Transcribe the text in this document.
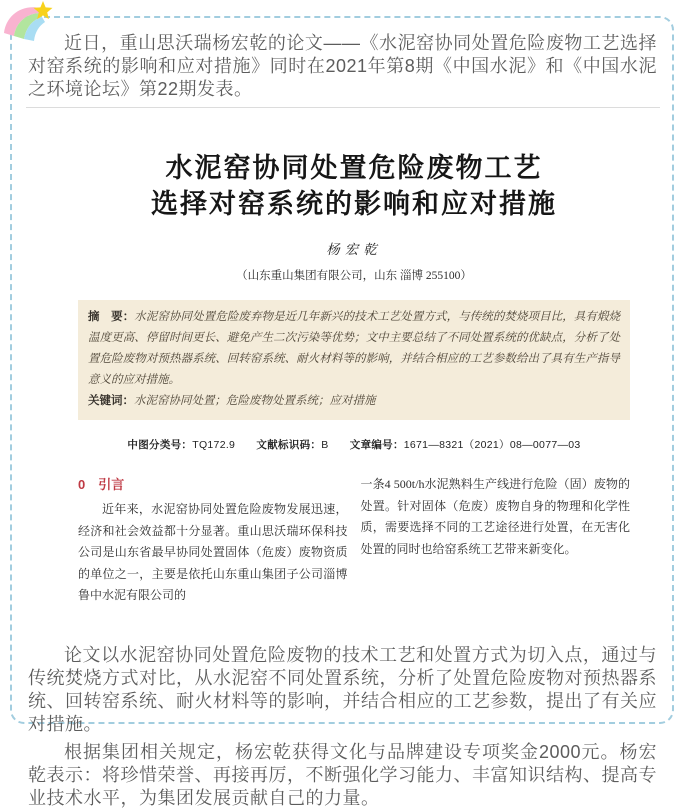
近日，重山思沃瑞杨宏乾的论文——《水泥窑协同处置危险废物工艺选择对窑系统的影响和应对措施》同时在2021年第8期《中国水泥》和《中国水泥之环境论坛》第22期发表。

水泥窑协同处置危险废物工艺
选择对窑系统的影响和应对措施
杨宏乾
（山东重山集团有限公司，山东 淄博 255100）

摘　要：水泥窑协同处置危险废弃物是近几年新兴的技术工艺处置方式，与传统的焚烧项目比，具有煅烧温度更高、停留时间更长、避免产生二次污染等优势；文中主要总结了不同处置系统的优缺点，分析了处置危险废物对预热器系统、回转窑系统、耐火材料等的影响，并结合相应的工艺参数给出了具有生产指导意义的应对措施。

关键词：水泥窑协同处置；危险废物处置系统；应对措施

中图分类号：TQ172.9 文献标识码：B 文章编号：1671—8321（2021）08—0077—03

0　引言

近年来，水泥窑协同处置危险废物发展迅速，经济和社会效益都十分显著。重山思沃瑞环保科技公司是山东省最早协同处置固体（危废）废物资质的单位之一，主要是依托山东重山集团子公司淄博鲁中水泥有限公司的

一条4 500t/h水泥熟料生产线进行危险（固）废物的处置。针对固体（危废）废物自身的物理和化学性质，需要选择不同的工艺途径进行处置，在无害化处置的同时也给窑系统工艺带来新变化。

论文以水泥窑协同处置危险废物的技术工艺和处置方式为切入点，通过与传统焚烧方式对比，从水泥窑不同处置系统，分析了处置危险废物对预热器系统、回转窑系统、耐火材料等的影响，并结合相应的工艺参数，提出了有关应对措施。

根据集团相关规定，杨宏乾获得文化与品牌建设专项奖金2000元。杨宏乾表示：将珍惜荣誉、再接再厉，不断强化学习能力、丰富知识结构、提高专业技术水平，为集团发展贡献自己的力量。
